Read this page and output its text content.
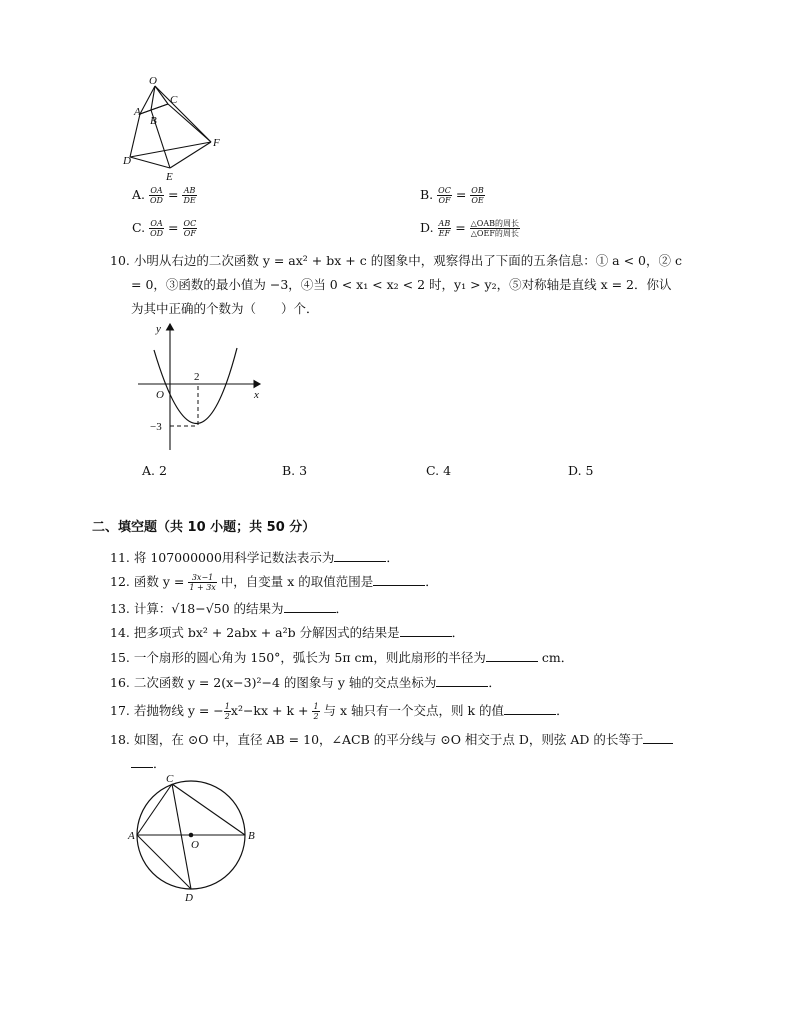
O
A
B
C
D
E
F
A. $\frac{OA}{OD} = \frac{AB}{DE}$	B. $\frac{OC}{OF} = \frac{OB}{OE}$
C. $\frac{OA}{OD} = \frac{OC}{OF}$	D. $\frac{AB}{EF} = \frac{\text{△OAB的周长}}{\text{△OEF的周长}}$
10. 小明从右边的二次函数 y = ax² + bx + c 的图象中，观察得出了下面的五条信息：① a < 0，② c
= 0，③函数的最小值为 −3，④当 0 < x₁ < x₂ < 2 时，y₁ > y₂，⑤对称轴是直线 x = 2．你认
为其中正确的个数为（　　）个．
y
x
O
2
−3
A. 2	B. 3	C. 4	D. 5
二、填空题（共 10 小题；共 50 分）
11. 将 107000000用科学记数法表示为	．
12. 函数 $y = \frac{3x-1}{1 + 3x}$ 中，自变量 x 的取值范围是	．
13. 计算：√18−√50 的结果为	．
14. 把多项式 bx² + 2abx + a²b 分解因式的结果是	．
15. 一个扇形的圆心角为 150°，弧长为 5π cm，则此扇形的半径为	cm．
16. 二次函数 y = 2(x−3)²−4 的图象与 y 轴的交点坐标为	．
17. 若抛物线 y = − $\frac{1}{2} x^2-kx + k + \frac{1}{2}$ 与 x 轴只有一个交点，则 k 的值	．
18. 如图，在 ⊙O 中，直径 AB = 10，∠ACB 的平分线与 ⊙O 相交于点 D，则弦 AD 的长等于
．
C
A	B
O
D
